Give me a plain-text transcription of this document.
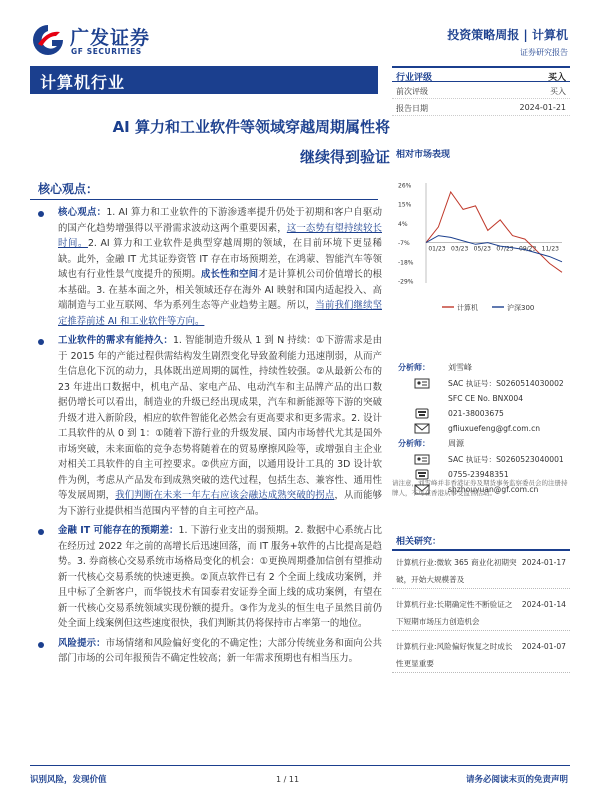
广发证券
GF SECURITIES
投资策略周报 | 计算机
证券研究报告
计算机行业
AI 算力和工业软件等领域穿越周期属性将
继续得到验证
行业评级	买入
前次评级	买入
报告日期	2024-01-21
相对市场表现
26%
15%
4%
-7%
-18%
-29%
01/23 03/23 05/23 07/23 09/23 11/23
计算机	沪深300
核心观点：
核心观点：1. AI 算力和工业软件的下游渗透率提升仍处于初期和客户自驱动的国产化趋势增强得以平滑需求波动这两个重要因素，这一态势有望持续较长时间。2. AI 算力和工业软件是典型穿越周期的领域，在目前环境下更显稀缺。此外，金融 IT 尤其证券资管 IT 存在市场预期差，在鸿蒙、智能汽车等领域也有行业性景气度提升的预期。成长性和空间才是计算机公司价值增长的根本基础。3. 在基本面之外，相关领域还存在海外 AI 映射和国内适起投入、高端制造与工业互联网、华为系列生态等产业趋势主题。所以，当前我们继续坚定推荐前述 AI 和工业软件等方向。
工业软件的需求有能持久：1. 智能制造升级从 1 到 N 持续：①下游需求是由于 2015 年的产能过程供需结构发生剧烈变化导致盈利能力迅速削弱，从而产生信息化下沉的动力，具体既出逆周期的属性，持续性较强。②从最新公布的 23 年进出口数据中，机电产品、家电产品、电动汽车和主品牌产品的出口数据仍增长可以看出，制造业的升级已经出现成果，汽车和新能源等下游的突破升级才进入新阶段，相应的软件智能化必然会有更高要求和更多需求。2. 设计工具软件的从 0 到 1：①随着下游行业的升级发展、国内市场替代尤其是国外市场突破，未来面临的竞争态势将随着在的贸易摩擦风险等，或增强自主企业对相关工具软件的自主可控要求。②供应方面，以通用设计工具的 3D 设计软件为例，考虑从产品发布到成熟突破的迭代过程，包括生态、兼容性、通用性等发展周期，我们判断在未来一年左右应该会融达成熟突破的拐点，从而能够为下游行业提供相当范围内平替的自主可控产品。
金融 IT 可能存在的预期差：1. 下游行业支出的弱预期。2. 数据中心系统占比在经历过 2022 年之前的高增长后迅速回落，而 IT 服务+软件的占比提高是趋势。3. 券商核心交易系统市场格局变化的机会：①更换周期叠加信创有望推动新一代核心交易系统的快速更换。②顶点软件已有 2 个全面上线成功案例，并且中标了全新客户，而华锐技术有国泰君安证券全面上线的成功案例，有望在新一代核心交易系统领域实现份额的提升。③作为龙头的恒生电子虽然目前仍处全面上线案例但这些速度很快，我们判断其仍将保持市占率第一的地位。
风险提示：市场情绪和风险偏好变化的不确定性；大部分传统业务和面向公共部门市场的公司年报预告不确定性较高；新一年需求预期也有相当压力。
分析师： 刘雪峰
SAC 执证号：S0260514030002
SFC CE No. BNX004
021-38003675
gfliuxuefeng@gf.com.cn
分析师： 周源
SAC 执证号：S0260523040001
0755-23948351
shzhouyuan@gf.com.cn
请注意，刘雪峰并非香港证券及期货事务监察委员会的注册持牌人，不可在香港从事受监管活动。
相关研究：
计算机行业:微软 365 商业化初期突破，开始大规模普及
2024-01-17
计算机行业:长期确定性不断验证之下短期市场压力创造机会
2024-01-14
计算机行业:风险偏好恢复之时成长性更显重要
2024-01-07
识别风险，发现价值	1 / 11	请务必阅读末页的免责声明
